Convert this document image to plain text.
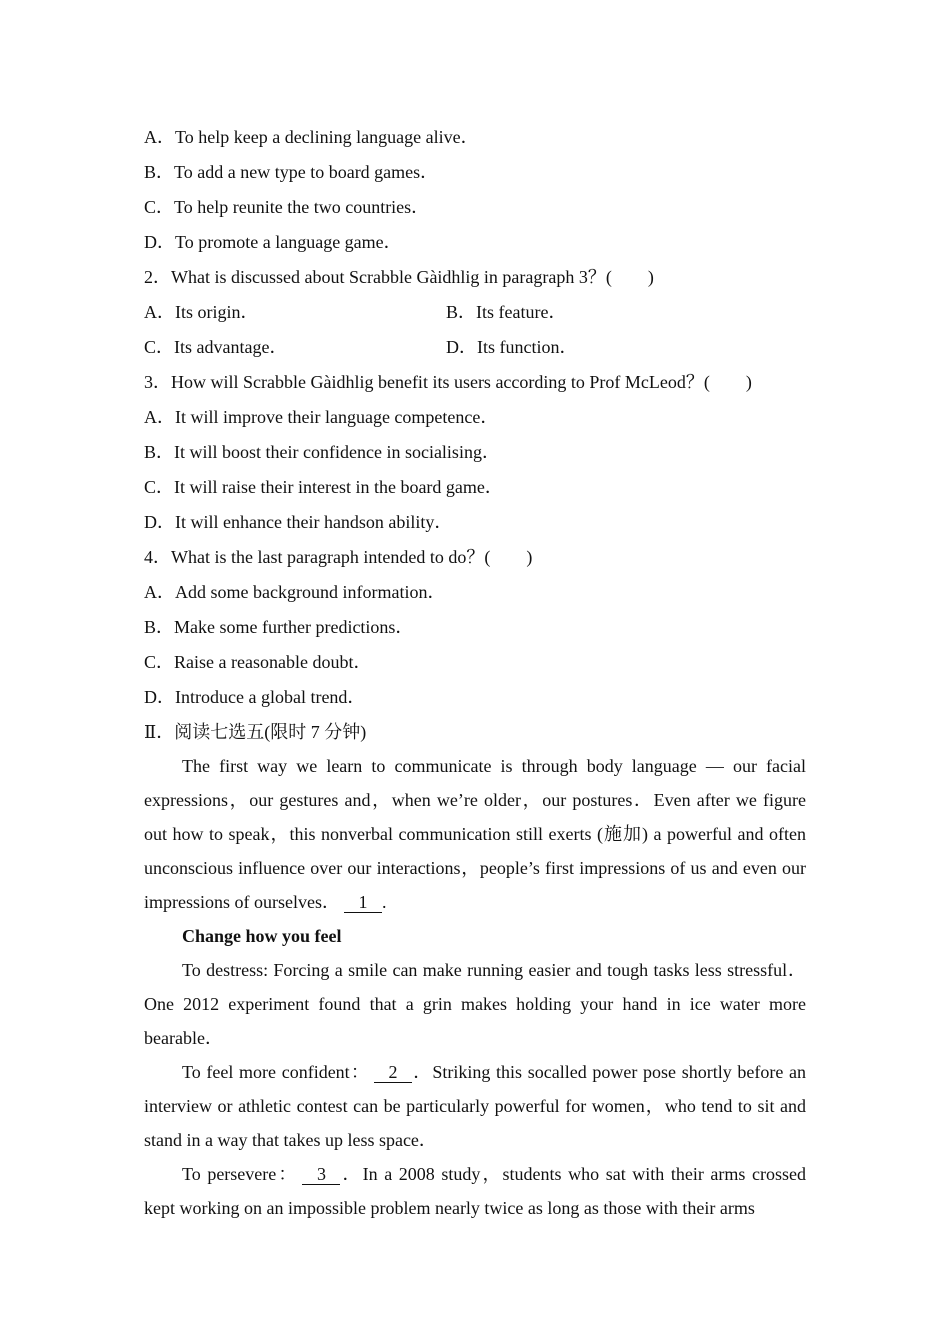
A．To help keep a declining language alive．
B．To add a new type to board games．
C．To help reunite the two countries．
D．To promote a language game．
2．What is discussed about Scrabble Gàidhlig in paragraph 3？(　　)
A．Its origin．	B．Its feature．
C．Its advantage．	D．Its function．
3．How will Scrabble Gàidhlig benefit its users according to Prof McLeod？(　　)
A．It will improve their language competence．
B．It will boost their confidence in socialising．
C．It will raise their interest in the board game．
D．It will enhance their handson ability．
4．What is the last paragraph intended to do？(　　)
A．Add some background information．
B．Make some further predictions．
C．Raise a reasonable doubt．
D．Introduce a global trend．
Ⅱ．阅读七选五(限时 7 分钟)

The first way we learn to communicate is through body language — our facial expressions，our gestures and，when we’re older，our postures．Even after we figure out how to speak，this nonverbal communication still exerts (施加) a powerful and often unconscious influence over our interactions，people’s first impressions of us and even our impressions of ourselves． 1 .

Change how you feel

To destress: Forcing a smile can make running easier and tough tasks less stressful．One 2012 experiment found that a grin makes holding your hand in ice water more bearable．

To feel more confident： 2 ．Striking this socalled power pose shortly before an interview or athletic contest can be particularly powerful for women，who tend to sit and stand in a way that takes up less space．

To persevere： 3 ．In a 2008 study，students who sat with their arms crossed kept working on an impossible problem nearly twice as long as those with their arms
